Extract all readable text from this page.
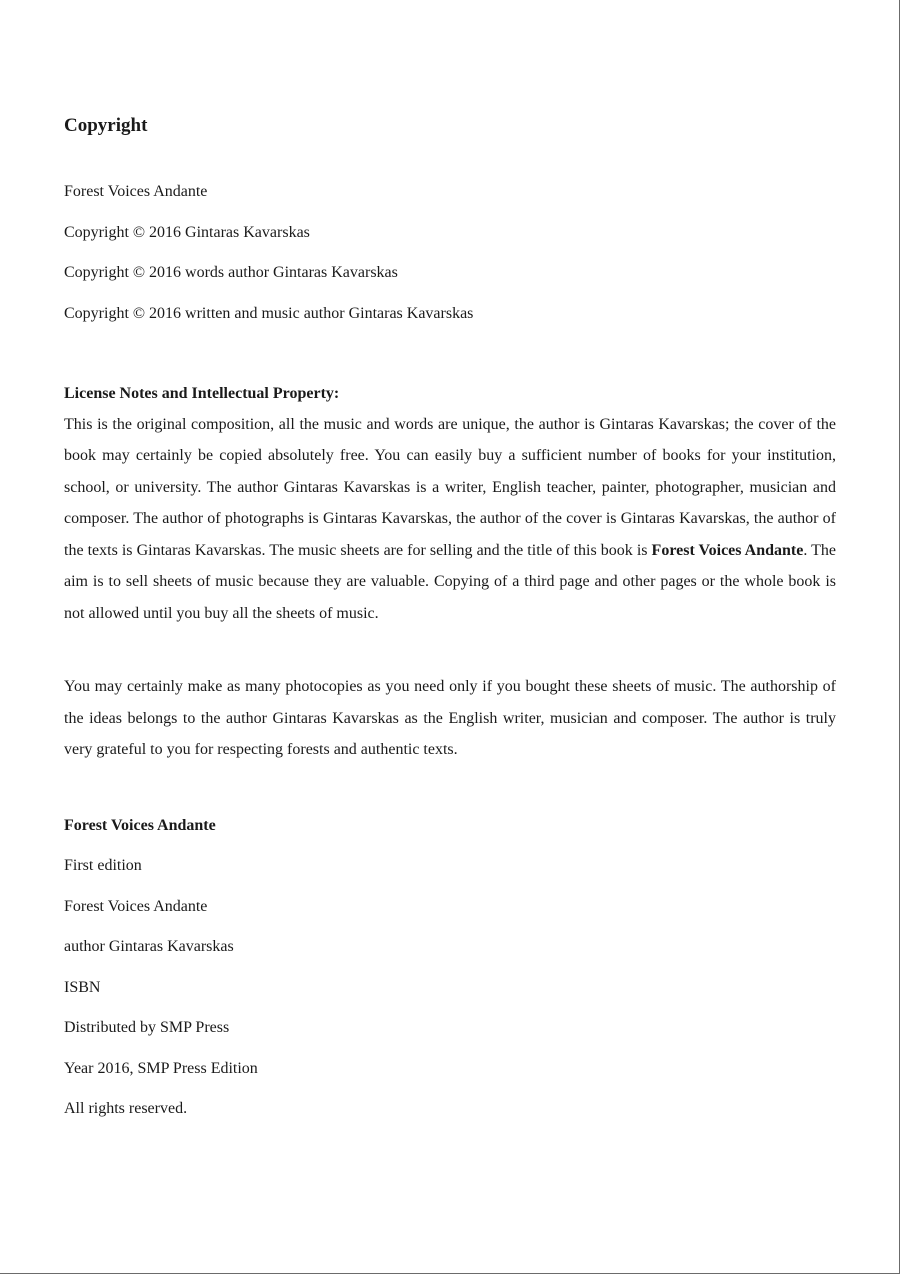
Copyright

Forest Voices Andante

Copyright © 2016 Gintaras Kavarskas

Copyright © 2016 words author Gintaras Kavarskas

Copyright © 2016 written and music author Gintaras Kavarskas

License Notes and Intellectual Property:

This is the original composition, all the music and words are unique, the author is Gintaras Kavarskas; the cover of the book may certainly be copied absolutely free. You can easily buy a sufficient number of books for your institution, school, or university. The author Gintaras Kavarskas is a writer, English teacher, painter, photographer, musician and composer. The author of photographs is Gintaras Kavarskas, the author of the cover is Gintaras Kavarskas, the author of the texts is Gintaras Kavarskas. The music sheets are for selling and the title of this book is Forest Voices Andante. The aim is to sell sheets of music because they are valuable. Copying of a third page and other pages or the whole book is not allowed until you buy all the sheets of music.

You may certainly make as many photocopies as you need only if you bought these sheets of music. The authorship of the ideas belongs to the author Gintaras Kavarskas as the English writer, musician and composer. The author is truly very grateful to you for respecting forests and authentic texts.

Forest Voices Andante

First edition

Forest Voices Andante

author Gintaras Kavarskas

ISBN

Distributed by SMP Press

Year 2016, SMP Press Edition

All rights reserved.
